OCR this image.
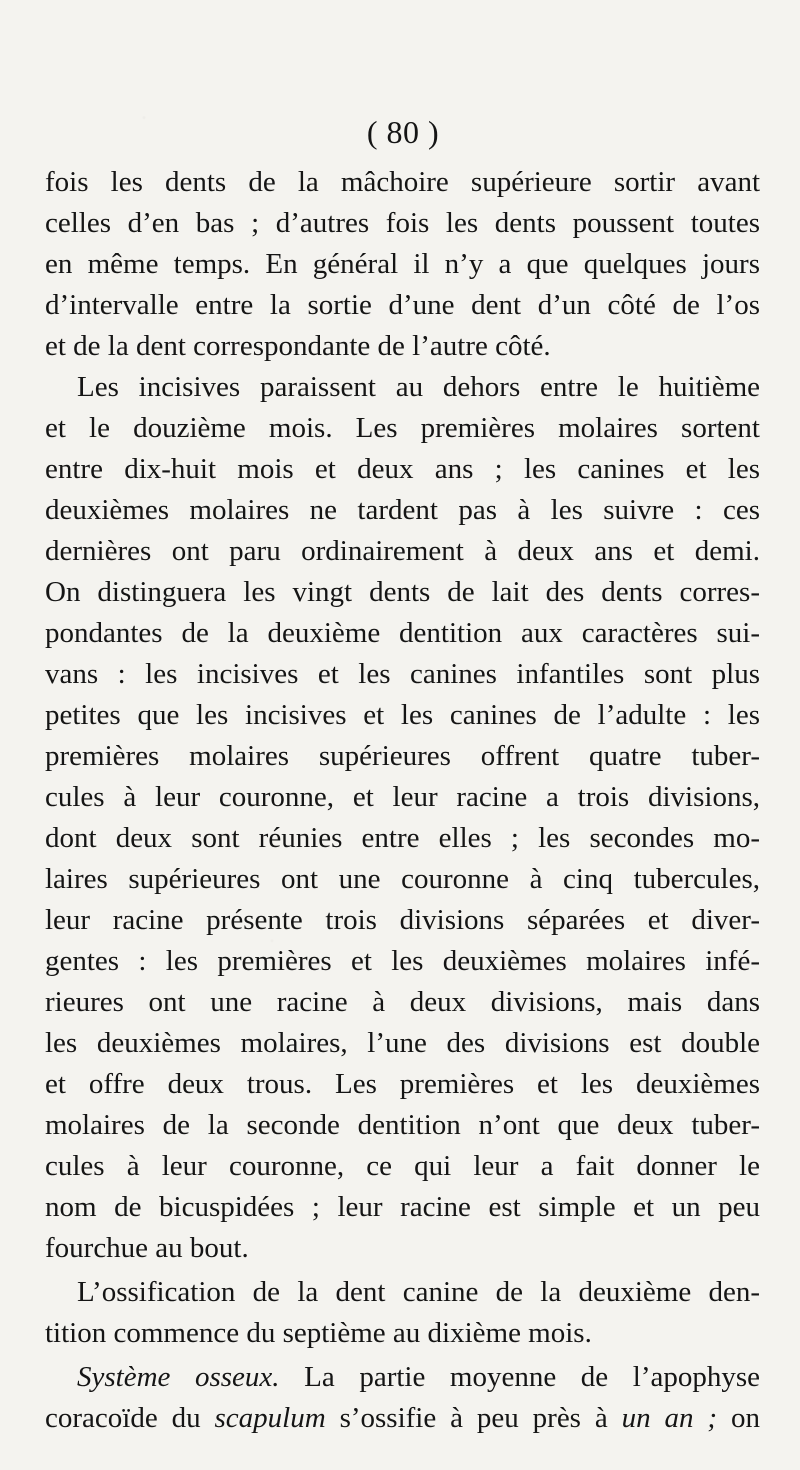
( 80 )
fois les dents de la mâchoire supérieure sortir avant
celles d’en bas ; d’autres fois les dents poussent toutes
en même temps. En général il n’y a que quelques jours
d’intervalle entre la sortie d’une dent d’un côté de l’os
et de la dent correspondante de l’autre côté.
Les incisives paraissent au dehors entre le huitième
et le douzième mois. Les premières molaires sortent
entre dix-huit mois et deux ans ; les canines et les
deuxièmes molaires ne tardent pas à les suivre : ces
dernières ont paru ordinairement à deux ans et demi.
On distinguera les vingt dents de lait des dents corres-
pondantes de la deuxième dentition aux caractères sui-
vans : les incisives et les canines infantiles sont plus
petites que les incisives et les canines de l’adulte : les
premières molaires supérieures offrent quatre tuber-
cules à leur couronne, et leur racine a trois divisions,
dont deux sont réunies entre elles ; les secondes mo-
laires supérieures ont une couronne à cinq tubercules,
leur racine présente trois divisions séparées et diver-
gentes : les premières et les deuxièmes molaires infé-
rieures ont une racine à deux divisions, mais dans
les deuxièmes molaires, l’une des divisions est double
et offre deux trous. Les premières et les deuxièmes
molaires de la seconde dentition n’ont que deux tuber-
cules à leur couronne, ce qui leur a fait donner le
nom de bicuspidées ; leur racine est simple et un peu
fourchue au bout.
L’ossification de la dent canine de la deuxième den-
tition commence du septième au dixième mois.
Système osseux. La partie moyenne de l’apophyse
coracoïde du scapulum s’ossifie à peu près à un an ; on
